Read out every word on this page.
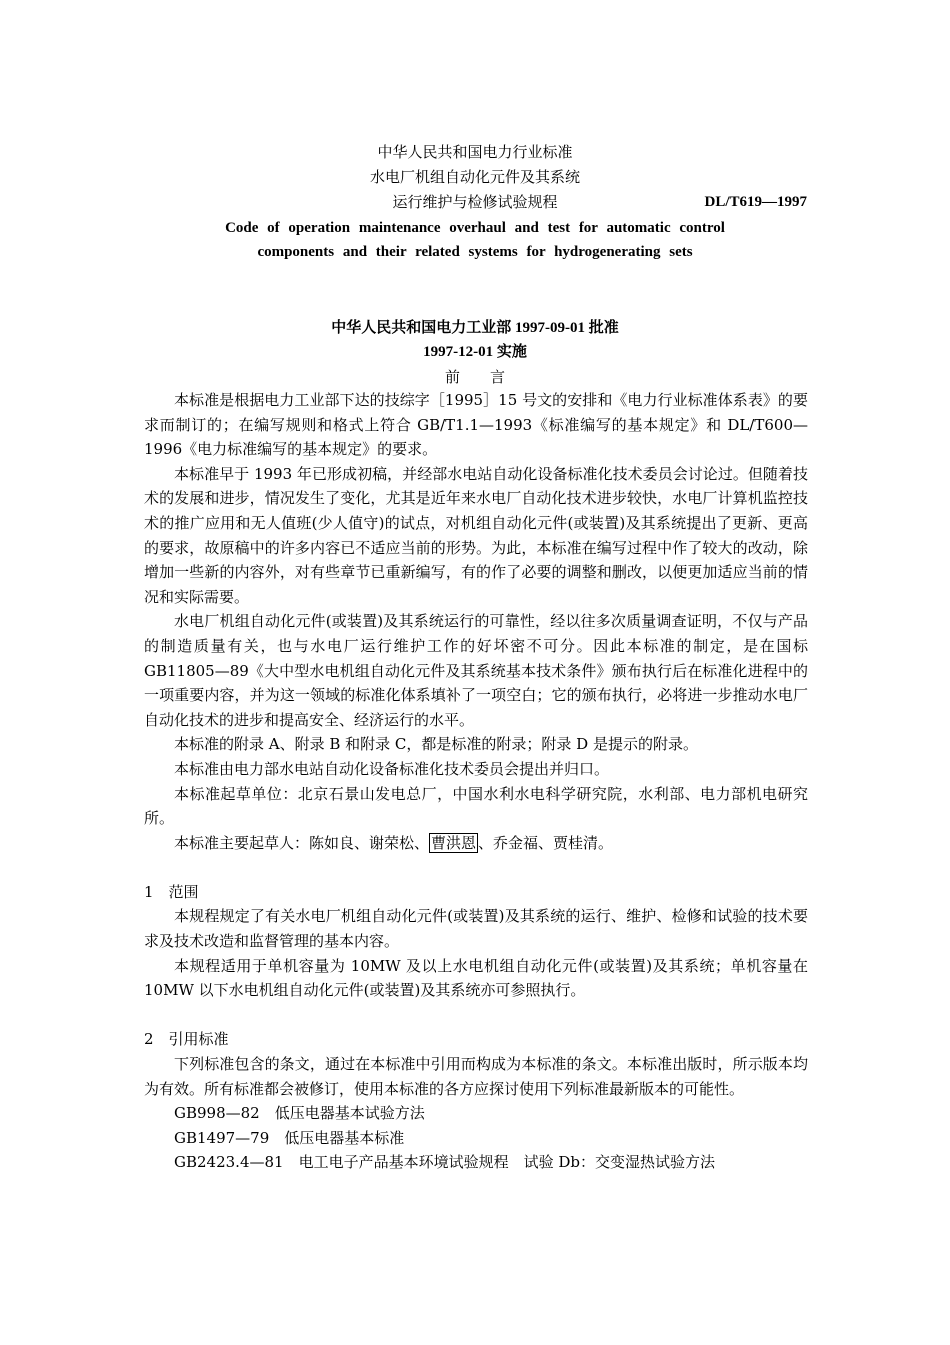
中华人民共和国电力行业标准
水电厂机组自动化元件及其系统
运行维护与检修试验规程	DL/T619—1997
Code of operation maintenance overhaul and test for automatic control
components and their related systems for hydrogenerating sets
中华人民共和国电力工业部 1997-09-01 批准
1997-12-01 实施
前　　言

本标准是根据电力工业部下达的技综字［1995］15 号文的安排和《电力行业标准体系表》的要求而制订的；在编写规则和格式上符合 GB/T1.1—1993《标准编写的基本规定》和 DL/T600—1996《电力标准编写的基本规定》的要求。

本标准早于 1993 年已形成初稿，并经部水电站自动化设备标准化技术委员会讨论过。但随着技术的发展和进步，情况发生了变化，尤其是近年来水电厂自动化技术进步较快，水电厂计算机监控技术的推广应用和无人值班(少人值守)的试点，对机组自动化元件(或装置)及其系统提出了更新、更高的要求，故原稿中的许多内容已不适应当前的形势。为此，本标准在编写过程中作了较大的改动，除增加一些新的内容外，对有些章节已重新编写，有的作了必要的调整和删改，以便更加适应当前的情况和实际需要。

水电厂机组自动化元件(或装置)及其系统运行的可靠性，经以往多次质量调查证明，不仅与产品的制造质量有关，也与水电厂运行维护工作的好坏密不可分。因此本标准的制定，是在国标 GB11805—89《大中型水电机组自动化元件及其系统基本技术条件》颁布执行后在标准化进程中的一项重要内容，并为这一领域的标准化体系填补了一项空白；它的颁布执行，必将进一步推动水电厂自动化技术的进步和提高安全、经济运行的水平。

本标准的附录 A、附录 B 和附录 C，都是标准的附录；附录 D 是提示的附录。

本标准由电力部水电站自动化设备标准化技术委员会提出并归口。

本标准起草单位：北京石景山发电总厂，中国水利水电科学研究院，水利部、电力部机电研究所。

本标准主要起草人：陈如良、谢荣松、 曹洪恩 、乔金福、贾桂清。

1　范围

本规程规定了有关水电厂机组自动化元件(或装置)及其系统的运行、维护、检修和试验的技术要求及技术改造和监督管理的基本内容。

本规程适用于单机容量为 10MW 及以上水电机组自动化元件(或装置)及其系统；单机容量在 10MW 以下水电机组自动化元件(或装置)及其系统亦可参照执行。

2　引用标准

下列标准包含的条文，通过在本标准中引用而构成为本标准的条文。本标准出版时，所示版本均为有效。所有标准都会被修订，使用本标准的各方应探讨使用下列标准最新版本的可能性。

GB998—82　低压电器基本试验方法

GB1497—79　低压电器基本标准

GB2423.4—81　电工电子产品基本环境试验规程　试验 Db：交变湿热试验方法
